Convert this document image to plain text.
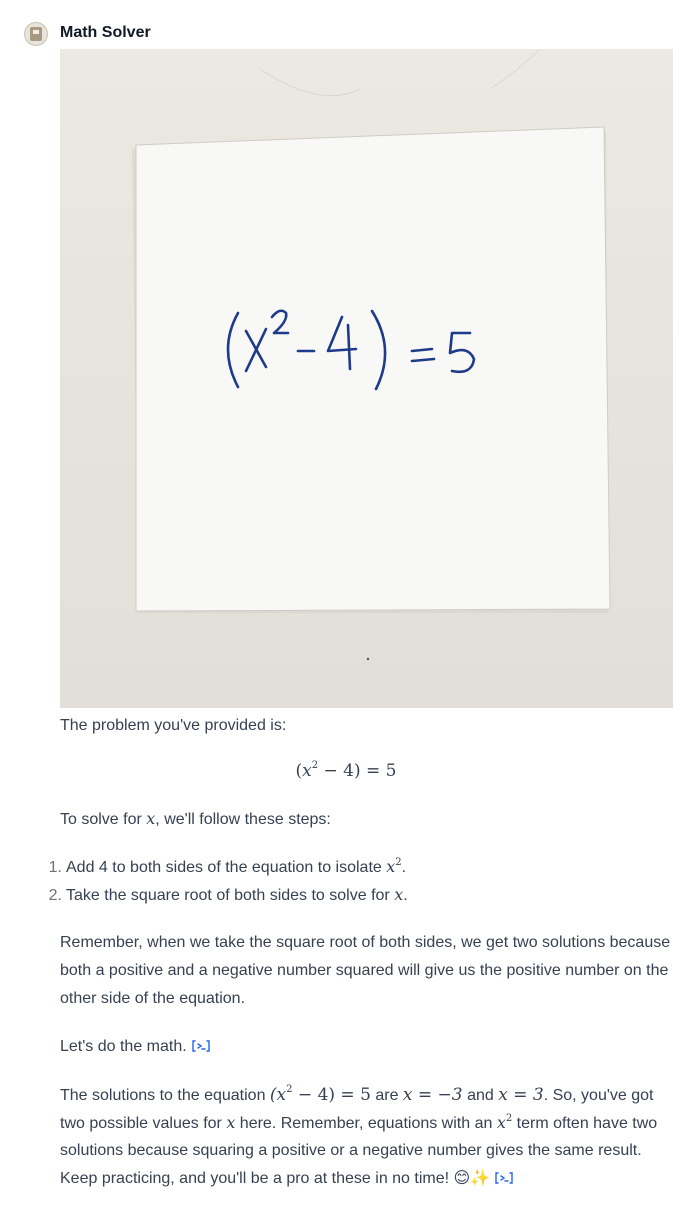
Math Solver
The problem you've provided is:
$(x^2 - 4) = 5$
To solve for x, we'll follow these steps:
1. Add 4 to both sides of the equation to isolate $x^2$.
2. Take the square root of both sides to solve for x.
Remember, when we take the square root of both sides, we get two solutions because
both a positive and a negative number squared will give us the positive number on the
other side of the equation.
Let's do the math.
The solutions to the equation $(x^2 - 4) = 5$ are x = −3 and x = 3. So, you've got
two possible values for x here. Remember, equations with an $x^2$ term often have two
solutions because squaring a positive or a negative number gives the same result.
Keep practicing, and you'll be a pro at these in no time! 😊✨
